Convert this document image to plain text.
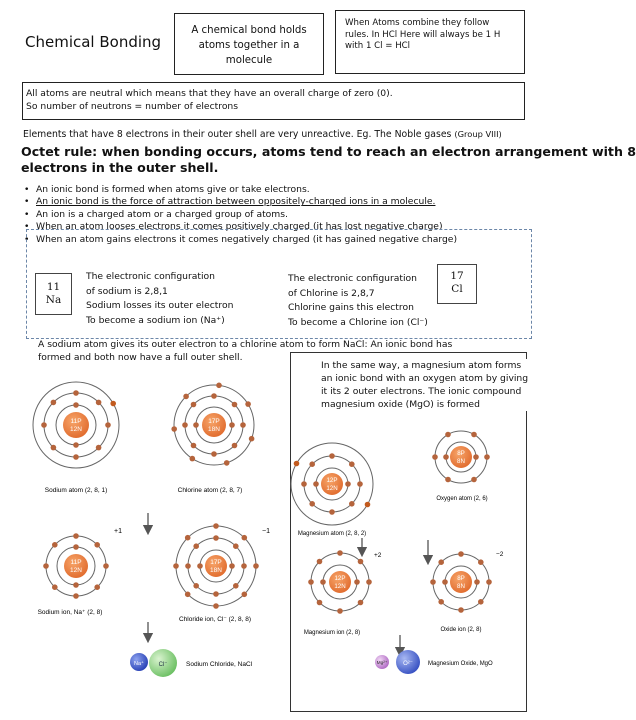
Chemical Bonding
A chemical bond holds
atoms together in a
molecule
When Atoms combine they follow
rules. In HCl Here will always be 1 H
with 1 Cl = HCl
All atoms are neutral which means that they have an overall charge of zero (0).
So number of neutrons = number of electrons
Elements that have 8 electrons in their outer shell are very unreactive. Eg. The Noble gases (Group VIII)
Octet rule: when bonding occurs, atoms tend to reach an electron arrangement with 8
electrons in the outer shell.
• An ionic bond is formed when atoms give or take electrons.
• An ionic bond is the force of attraction between oppositely-charged ions in a molecule.
• An ion is a charged atom or a charged group of atoms.
• When an atom looses electrons it comes positively charged (it has lost negative charge)
• When an atom gains electrons it comes negatively charged (it has gained negative charge)
11
Na
The electronic configuration
of sodium is 2,8,1
Sodium losses its outer electron
To become a sodium ion (Na⁺)
17
Cl
The electronic configuration
of Chlorine is 2,8,7
Chlorine gains this electron
To become a Chlorine ion (Cl⁻)
A sodium atom gives its outer electron to a chlorine atom to form NaCl: An ionic bond has
formed and both now have a full outer shell.
In the same way, a magnesium atom forms
an ionic bond with an oxygen atom by giving
it its 2 outer electrons. The ionic compound
magnesium oxide (MgO) is formed
11P
12N
Sodium atom (2, 8, 1)
17P
18N
Chlorine atom (2, 8, 7)
11P
12N
+1
Sodium ion, Na⁺ (2, 8)
17P
18N
−1
Chloride ion, Cl⁻ (2, 8, 8)
Na⁺ Cl⁻	Sodium Chloride, NaCl
12P
12N
Magnesium atom (2, 8, 2)
8P
8N
Oxygen atom (2, 6)
12P
12N
+2
Magnesium ion (2, 8)
8P
8N
−2
Oxide ion (2, 8)
Mg²⁺	O²⁻	Magnesium Oxide, MgO
